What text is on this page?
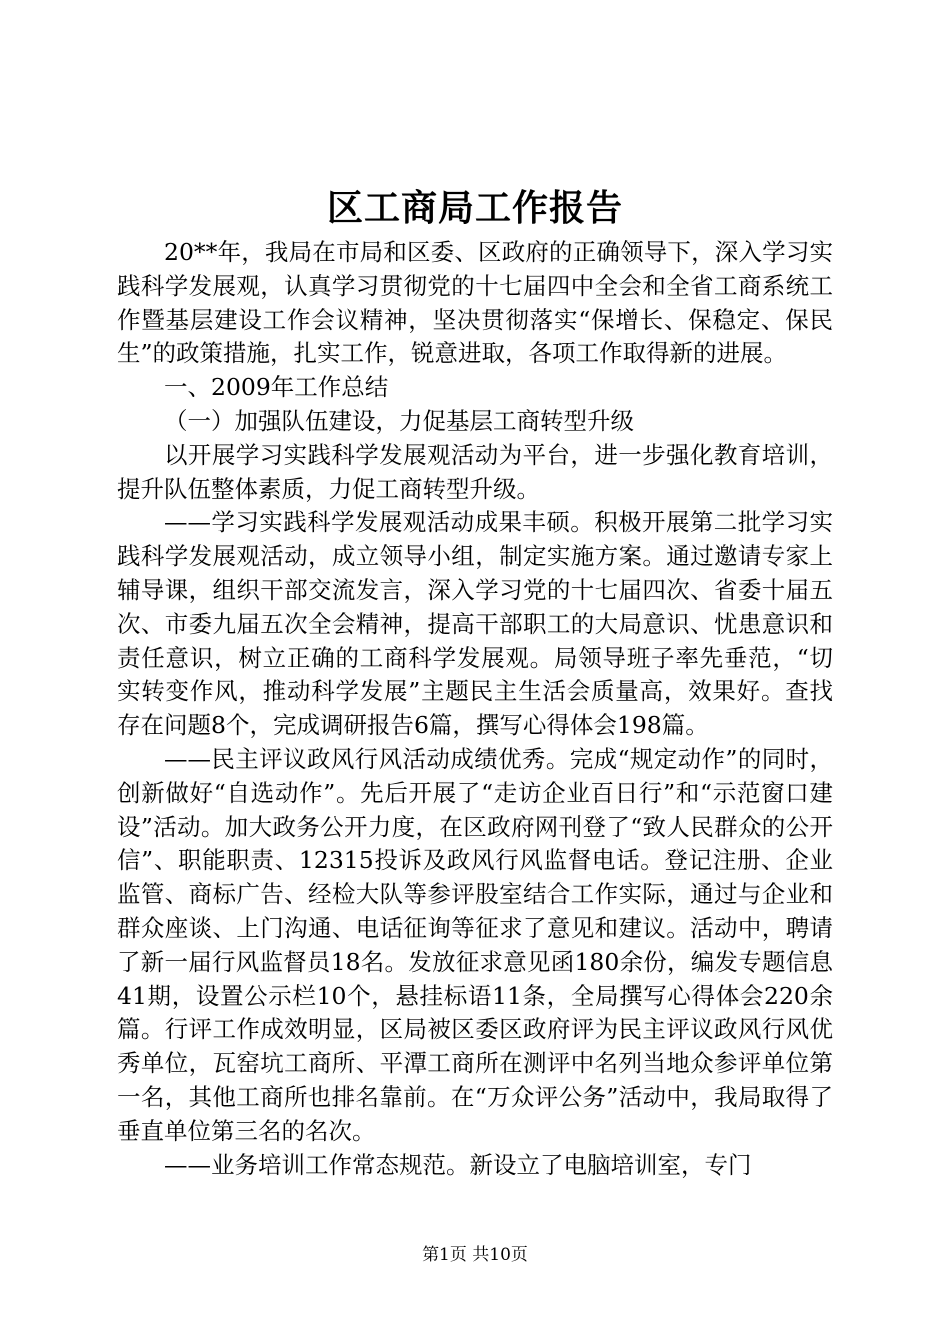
区工商局工作报告

20**年，我局在市局和区委、区政府的正确领导下，深入学习实践科学发展观，认真学习贯彻党的十七届四中全会和全省工商系统工作暨基层建设工作会议精神，坚决贯彻落实“保增长、保稳定、保民生”的政策措施，扎实工作，锐意进取，各项工作取得新的进展。

一、2009年工作总结

（一）加强队伍建设，力促基层工商转型升级

以开展学习实践科学发展观活动为平台，进一步强化教育培训，提升队伍整体素质，力促工商转型升级。

——学习实践科学发展观活动成果丰硕。积极开展第二批学习实践科学发展观活动，成立领导小组，制定实施方案。通过邀请专家上辅导课，组织干部交流发言，深入学习党的十七届四次、省委十届五次、市委九届五次全会精神，提高干部职工的大局意识、忧患意识和责任意识，树立正确的工商科学发展观。局领导班子率先垂范，“切实转变作风，推动科学发展”主题民主生活会质量高，效果好。查找存在问题8个，完成调研报告6篇，撰写心得体会198篇。

——民主评议政风行风活动成绩优秀。完成“规定动作”的同时，创新做好“自选动作”。先后开展了“走访企业百日行”和“示范窗口建设”活动。加大政务公开力度，在区政府网刊登了“致人民群众的公开信”、职能职责、12315投诉及政风行风监督电话。登记注册、企业监管、商标广告、经检大队等参评股室结合工作实际，通过与企业和群众座谈、上门沟通、电话征询等征求了意见和建议。活动中，聘请了新一届行风监督员18名。发放征求意见函180余份，编发专题信息41期，设置公示栏10个，悬挂标语11条，全局撰写心得体会220余篇。行评工作成效明显，区局被区委区政府评为民主评议政风行风优秀单位，瓦窑坑工商所、平潭工商所在测评中名列当地众参评单位第一名，其他工商所也排名靠前。在“万众评公务”活动中，我局取得了垂直单位第三名的名次。

——业务培训工作常态规范。新设立了电脑培训室，专门

第1页 共10页
